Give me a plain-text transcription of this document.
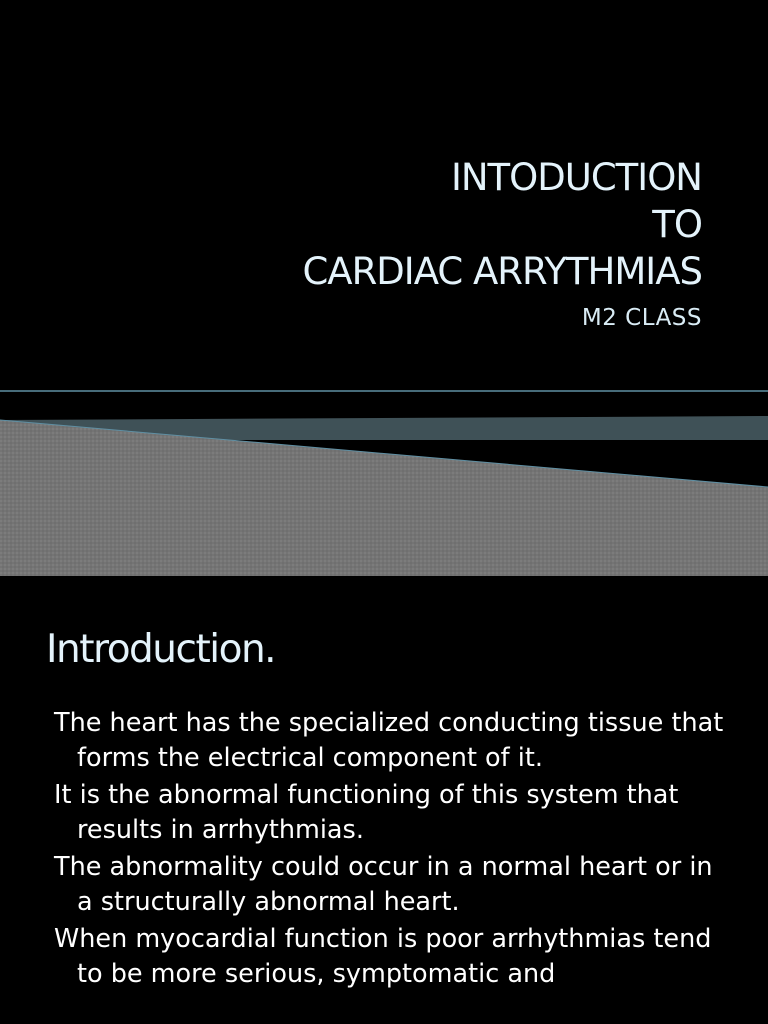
INTODUCTION
TO
CARDIAC ARRYTHMIAS
M2 CLASS
Introduction.
The heart has the specialized conducting tissue that forms the electrical component of it.
It is the abnormal functioning of this system that results in arrhythmias.
The abnormality could occur in a normal heart or in a structurally abnormal heart.
When myocardial function is poor arrhythmias tend to be more serious, symptomatic and
